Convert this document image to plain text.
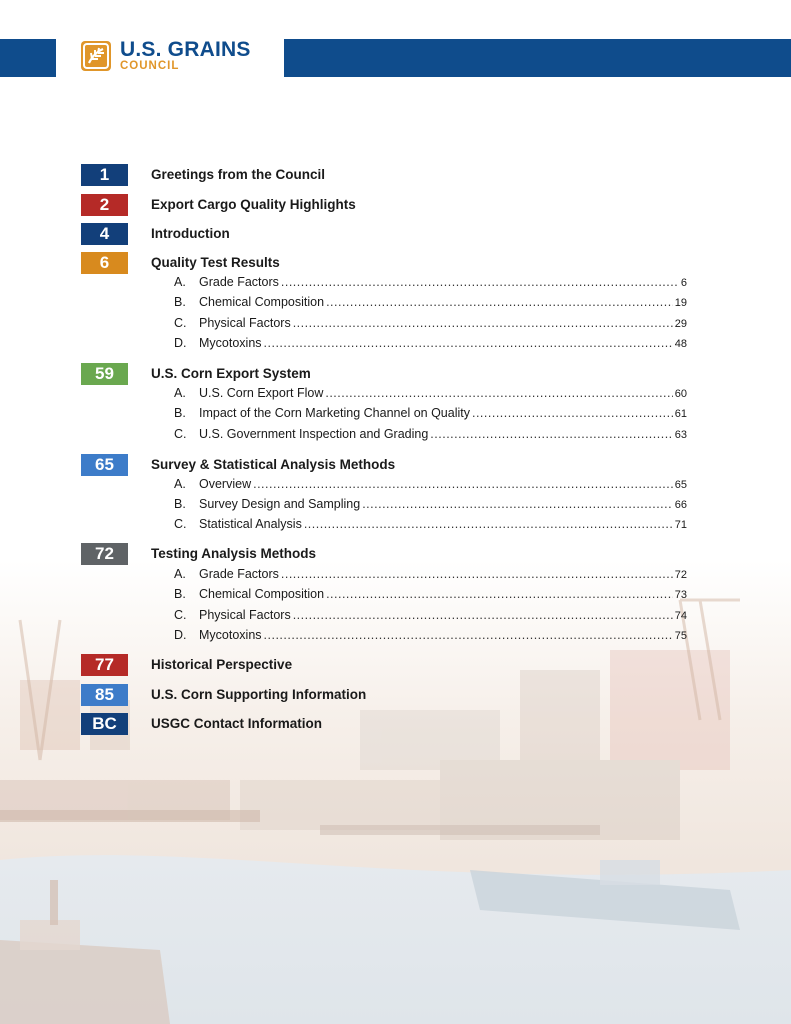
U.S. GRAINS
COUNCIL
1	Greetings from the Council
2	Export Cargo Quality Highlights
4	Introduction
6	Quality Test Results
A.	Grade Factors .....	6
B.	Chemical Composition .....	19
C.	Physical Factors .....	29
D.	Mycotoxins .....	48
59	U.S. Corn Export System
A.	U.S. Corn Export Flow .....	60
B.	Impact of the Corn Marketing Channel on Quality .....	61
C.	U.S. Government Inspection and Grading .....	63
65	Survey & Statistical Analysis Methods
A.	Overview .....	65
B.	Survey Design and Sampling .....	66
C.	Statistical Analysis .....	71
72	Testing Analysis Methods
A.	Grade Factors .....	72
B.	Chemical Composition .....	73
C.	Physical Factors .....	74
D.	Mycotoxins .....	75
77	Historical Perspective
85	U.S. Corn Supporting Information
BC	USGC Contact Information
